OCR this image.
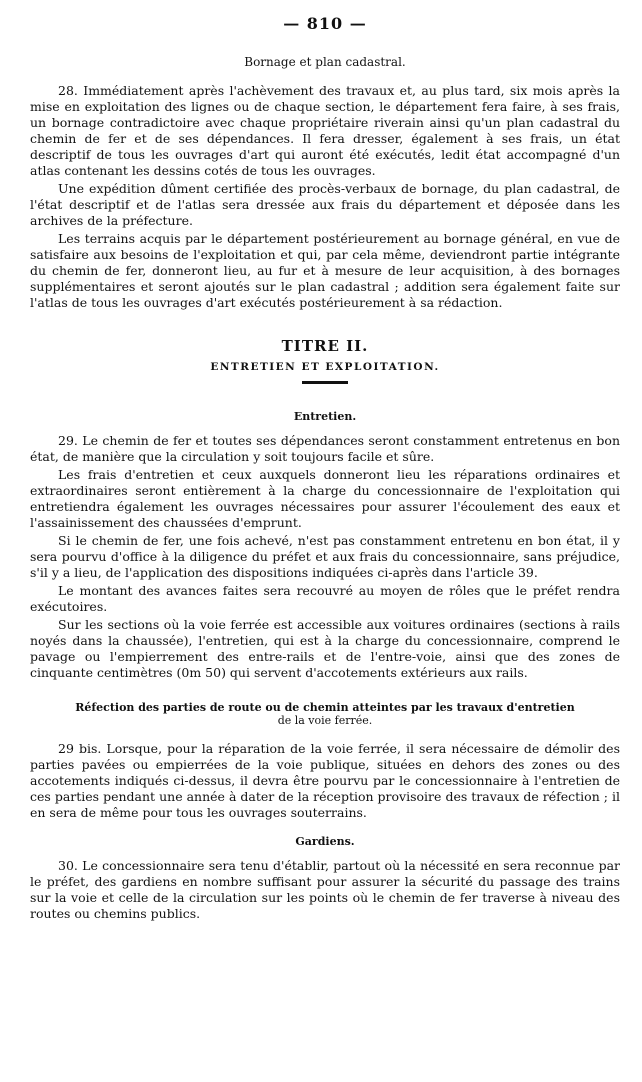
— 810 —
Bornage et plan cadastral.

28. Immédiatement après l'achèvement des travaux et, au plus tard, six mois après la mise en exploitation des lignes ou de chaque section, le département fera faire, à ses frais, un bornage contradictoire avec chaque propriétaire riverain ainsi qu'un plan cadastral du chemin de fer et de ses dépendances. Il fera dresser, également à ses frais, un état descriptif de tous les ouvrages d'art qui auront été exécutés, ledit état accompagné d'un atlas contenant les dessins cotés de tous les ouvrages.

Une expédition dûment certifiée des procès-verbaux de bornage, du plan cadastral, de l'état descriptif et de l'atlas sera dressée aux frais du département et déposée dans les archives de la préfecture.

Les terrains acquis par le département postérieurement au bornage général, en vue de satisfaire aux besoins de l'exploitation et qui, par cela même, deviendront partie intégrante du chemin de fer, donneront lieu, au fur et à mesure de leur acquisition, à des bornages supplémentaires et seront ajoutés sur le plan cadastral ; addition sera également faite sur l'atlas de tous les ouvrages d'art exécutés postérieurement à sa rédaction.

TITRE II.
ENTRETIEN ET EXPLOITATION.
Entretien.

29. Le chemin de fer et toutes ses dépendances seront constamment entretenus en bon état, de manière que la circulation y soit toujours facile et sûre.

Les frais d'entretien et ceux auxquels donneront lieu les réparations ordinaires et extraordinaires seront entièrement à la charge du concessionnaire de l'exploitation qui entretiendra également les ouvrages nécessaires pour assurer l'écoulement des eaux et l'assainissement des chaussées d'emprunt.

Si le chemin de fer, une fois achevé, n'est pas constamment entretenu en bon état, il y sera pourvu d'office à la diligence du préfet et aux frais du concessionnaire, sans préjudice, s'il y a lieu, de l'application des dispositions indiquées ci-après dans l'article 39.

Le montant des avances faites sera recouvré au moyen de rôles que le préfet rendra exécutoires.

Sur les sections où la voie ferrée est accessible aux voitures ordinaires (sections à rails noyés dans la chaussée), l'entretien, qui est à la charge du concessionnaire, comprend le pavage ou l'empierrement des entre-rails et de l'entre-voie, ainsi que des zones de cinquante centimètres (0m 50) qui servent d'accotements extérieurs aux rails.

Réfection des parties de route ou de chemin atteintes par les travaux d'entretien
de la voie ferrée.

29 bis. Lorsque, pour la réparation de la voie ferrée, il sera nécessaire de démolir des parties pavées ou empierrées de la voie publique, situées en dehors des zones ou des accotements indiqués ci-dessus, il devra être pourvu par le concessionnaire à l'entretien de ces parties pendant une année à dater de la réception provisoire des travaux de réfection ; il en sera de même pour tous les ouvrages souterrains.

Gardiens.

30. Le concessionnaire sera tenu d'établir, partout où la nécessité en sera reconnue par le préfet, des gardiens en nombre suffisant pour assurer la sécurité du passage des trains sur la voie et celle de la circulation sur les points où le chemin de fer traverse à niveau des routes ou chemins publics.
